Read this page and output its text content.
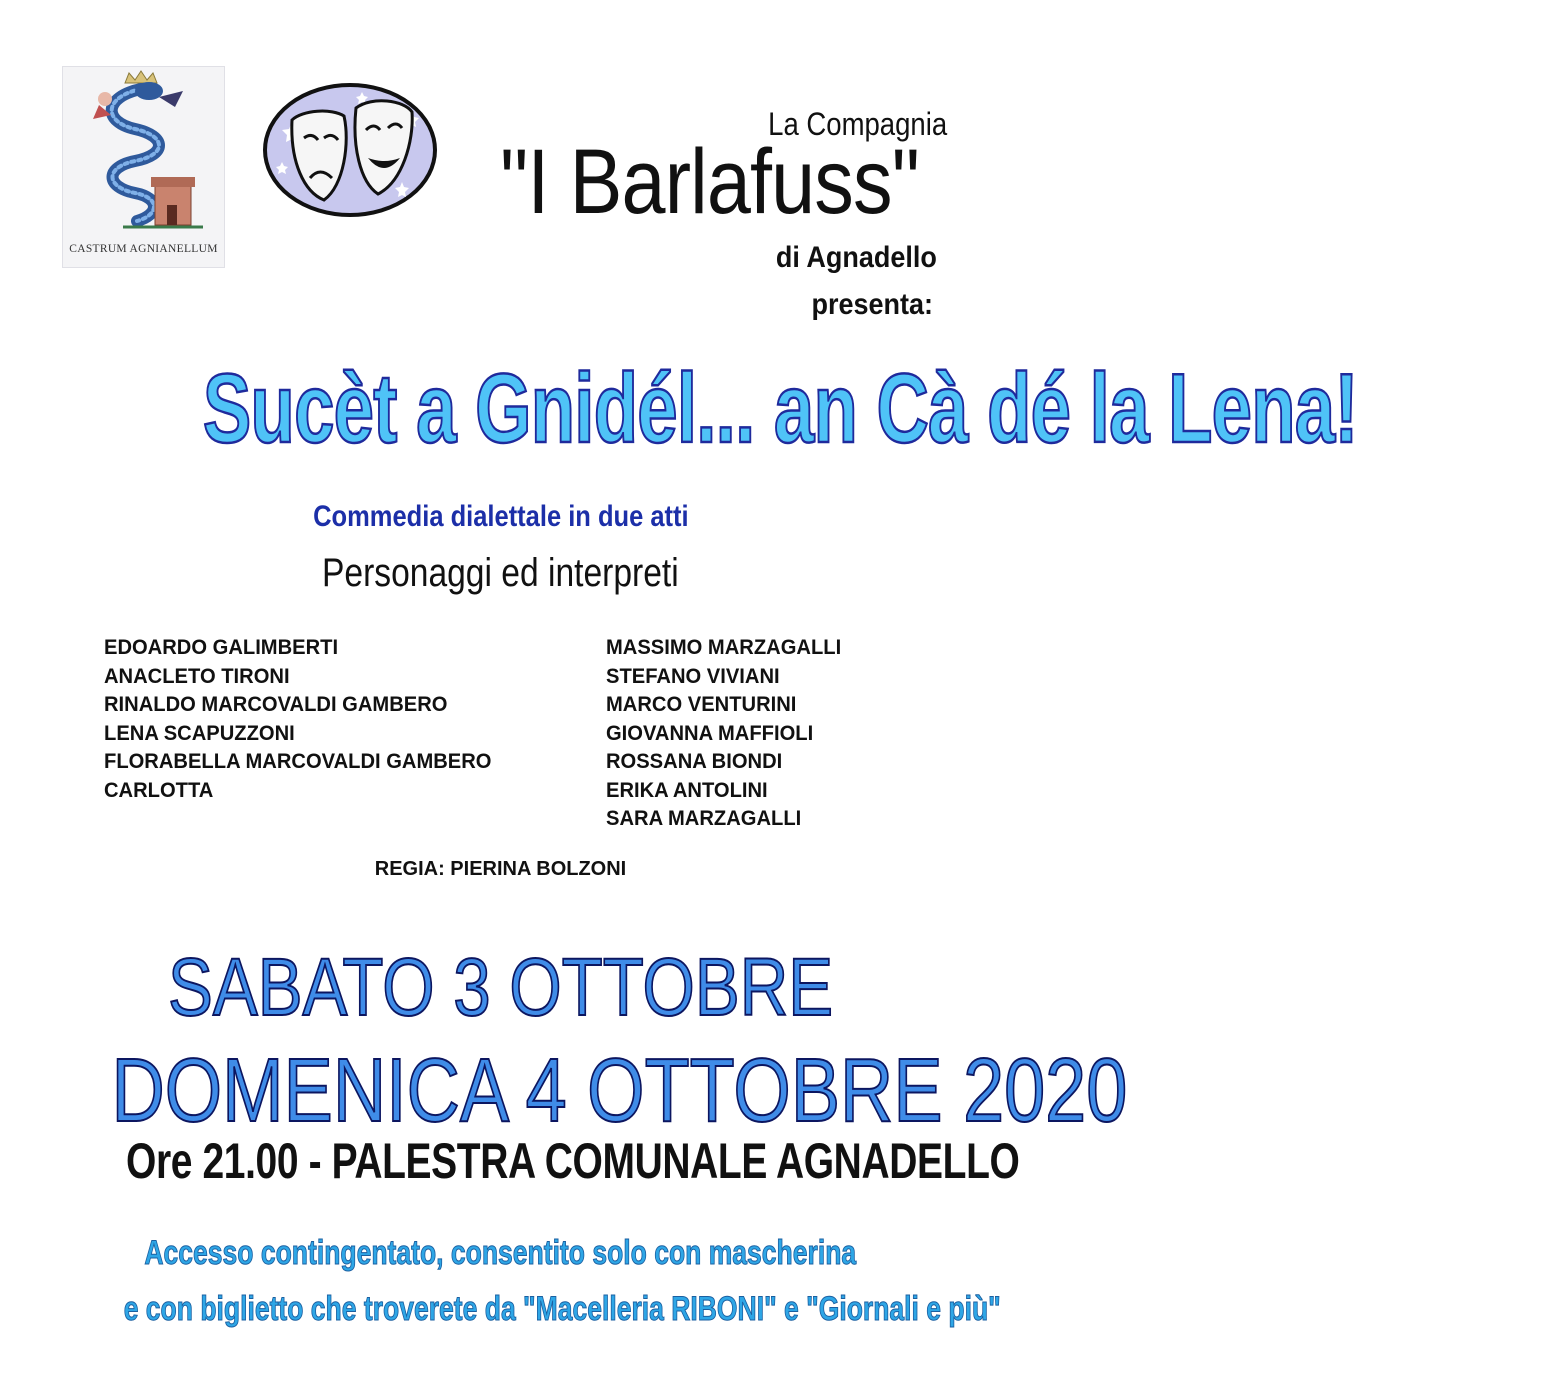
CASTRUM AGNIANELLUM
La Compagnia
"I Barlafuss"
di Agnadello
presenta:
Sucèt a Gnidél... an Cà dé la Lena!
Commedia dialettale in due atti
Personaggi ed interpreti
EDOARDO GALIMBERTI
ANACLETO TIRONI
RINALDO MARCOVALDI GAMBERO
LENA SCAPUZZONI
FLORABELLA MARCOVALDI GAMBERO
CARLOTTA
MASSIMO MARZAGALLI
STEFANO VIVIANI
MARCO VENTURINI
GIOVANNA MAFFIOLI
ROSSANA BIONDI
ERIKA ANTOLINI
SARA MARZAGALLI
REGIA: PIERINA BOLZONI
SABATO 3 OTTOBRE
DOMENICA 4 OTTOBRE 2020
Ore 21.00 - PALESTRA COMUNALE AGNADELLO
Accesso contingentato, consentito solo con mascherina
e con biglietto che troverete da "Macelleria RIBONI" e "Giornali e più"
